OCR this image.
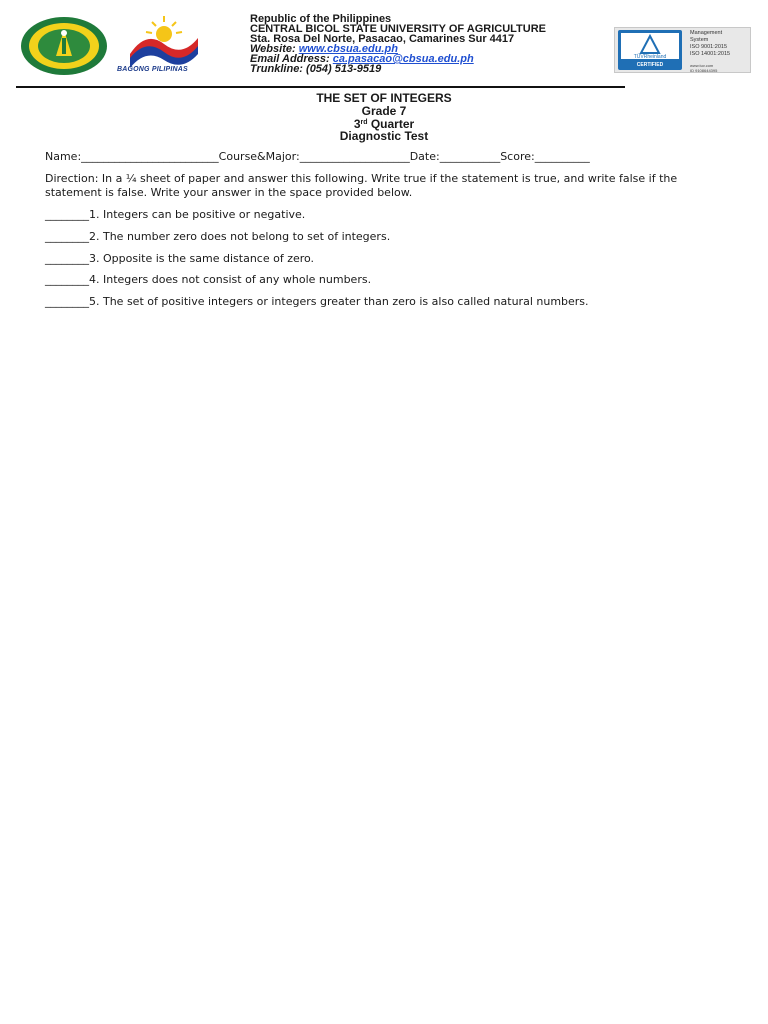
BAGONG PILIPINAS
Republic of the Philippines
CENTRAL BICOL STATE UNIVERSITY OF AGRICULTURE
Sta. Rosa Del Norte, Pasacao, Camarines Sur 4417
Website: www.cbsua.edu.ph
Email Address: ca.pasacao@cbsua.edu.ph
Trunkline: (054) 513-9519
TÜVRheinland
CERTIFIED
Management
System
ISO 9001:2015
ISO 14001:2015
www.tuv.com
ID 9108644395
THE SET OF INTEGERS
Grade 7
3rd Quarter
Diagnostic Test
Name:_________________________Course&Major:____________________Date:___________Score:__________
Direction: In a ¼ sheet of paper and answer this following. Write true if the statement is true, and write false if the statement is false. Write your answer in the space provided below.
________1. Integers can be positive or negative.
________2. The number zero does not belong to set of integers.
________3. Opposite is the same distance of zero.
________4. Integers does not consist of any whole numbers.
________5. The set of positive integers or integers greater than zero is also called natural numbers.
